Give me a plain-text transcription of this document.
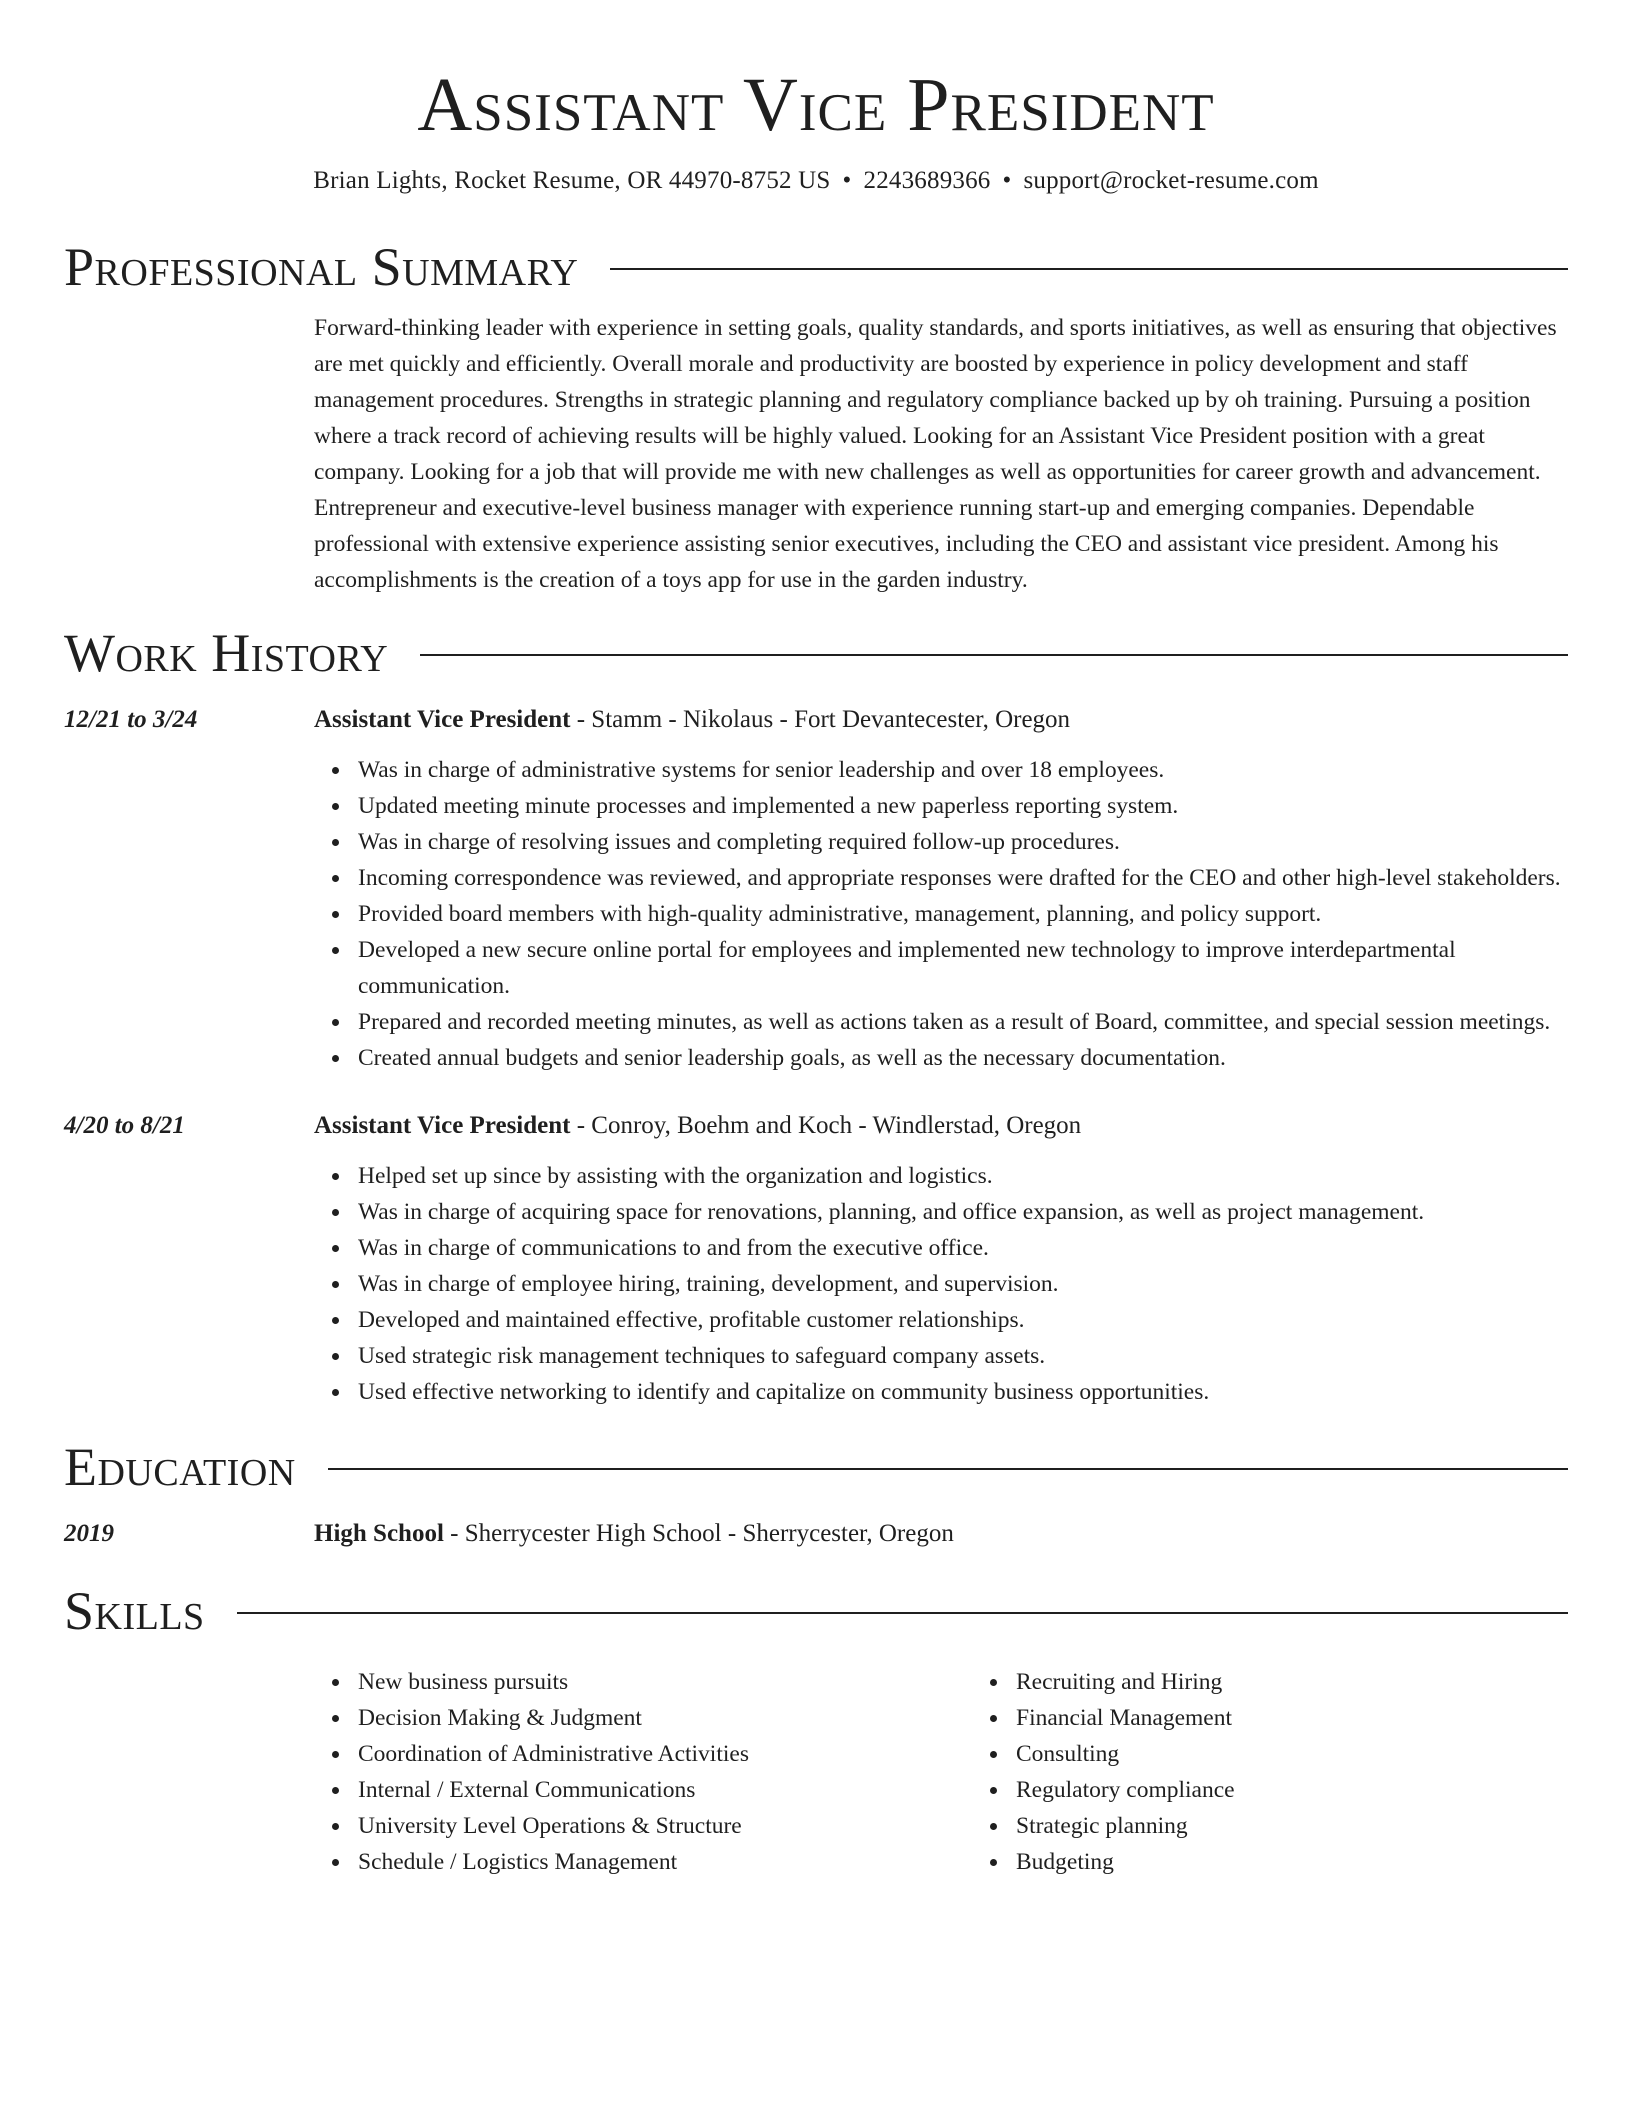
Assistant Vice President
Brian Lights, Rocket Resume, OR 44970-8752 US • 2243689366 • support@rocket-resume.com
Professional Summary

Forward-thinking leader with experience in setting goals, quality standards, and sports initiatives, as well as ensuring that objectives are met quickly and efficiently. Overall morale and productivity are boosted by experience in policy development and staff management procedures. Strengths in strategic planning and regulatory compliance backed up by oh training. Pursuing a position where a track record of achieving results will be highly valued. Looking for an Assistant Vice President position with a great company. Looking for a job that will provide me with new challenges as well as opportunities for career growth and advancement. Entrepreneur and executive-level business manager with experience running start-up and emerging companies. Dependable professional with extensive experience assisting senior executives, including the CEO and assistant vice president. Among his accomplishments is the creation of a toys app for use in the garden industry.

Work History
12/21 to 3/24	Assistant Vice President - Stamm - Nikolaus - Fort Devantecester, Oregon
Was in charge of administrative systems for senior leadership and over 18 employees.
Updated meeting minute processes and implemented a new paperless reporting system.
Was in charge of resolving issues and completing required follow-up procedures.
Incoming correspondence was reviewed, and appropriate responses were drafted for the CEO and other high-level stakeholders.
Provided board members with high-quality administrative, management, planning, and policy support.
Developed a new secure online portal for employees and implemented new technology to improve interdepartmental communication.
Prepared and recorded meeting minutes, as well as actions taken as a result of Board, committee, and special session meetings.
Created annual budgets and senior leadership goals, as well as the necessary documentation.
4/20 to 8/21	Assistant Vice President - Conroy, Boehm and Koch - Windlerstad, Oregon
Helped set up since by assisting with the organization and logistics.
Was in charge of acquiring space for renovations, planning, and office expansion, as well as project management.
Was in charge of communications to and from the executive office.
Was in charge of employee hiring, training, development, and supervision.
Developed and maintained effective, profitable customer relationships.
Used strategic risk management techniques to safeguard company assets.
Used effective networking to identify and capitalize on community business opportunities.
Education
2019	High School - Sherrycester High School - Sherrycester, Oregon
Skills
New business pursuits
Decision Making & Judgment
Coordination of Administrative Activities
Internal / External Communications
University Level Operations & Structure
Schedule / Logistics Management
Recruiting and Hiring
Financial Management
Consulting
Regulatory compliance
Strategic planning
Budgeting
